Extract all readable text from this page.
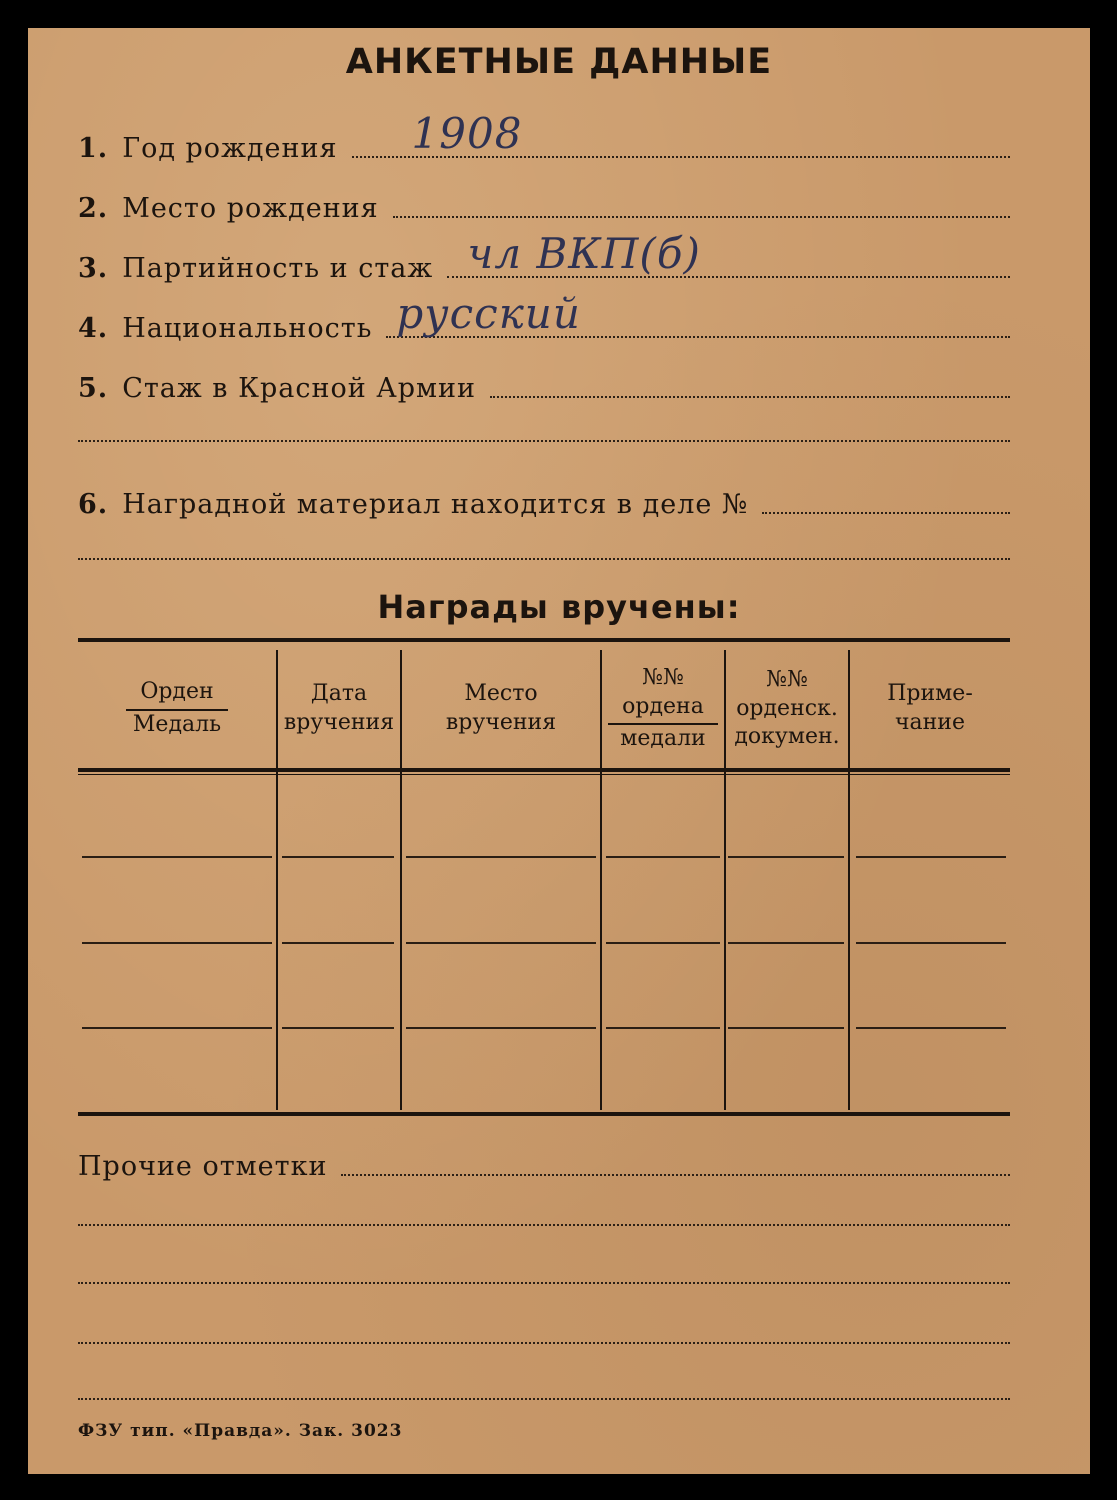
АНКЕТНЫЕ ДАННЫЕ
1. Год рождения 1908
2. Место рождения
3. Партийность и стаж чл ВКП(б)
4. Национальность русский
5. Стаж в Красной Армии
6. Наградной материал находится в деле №
Награды вручены:
Орден
Медаль
Дата
вручения
Место
вручения
№№
ордена
медали
№№
орденск.
докумен.
Приме-
чание
Прочие отметки
ФЗУ тип. «Правда». Зак. 3023
